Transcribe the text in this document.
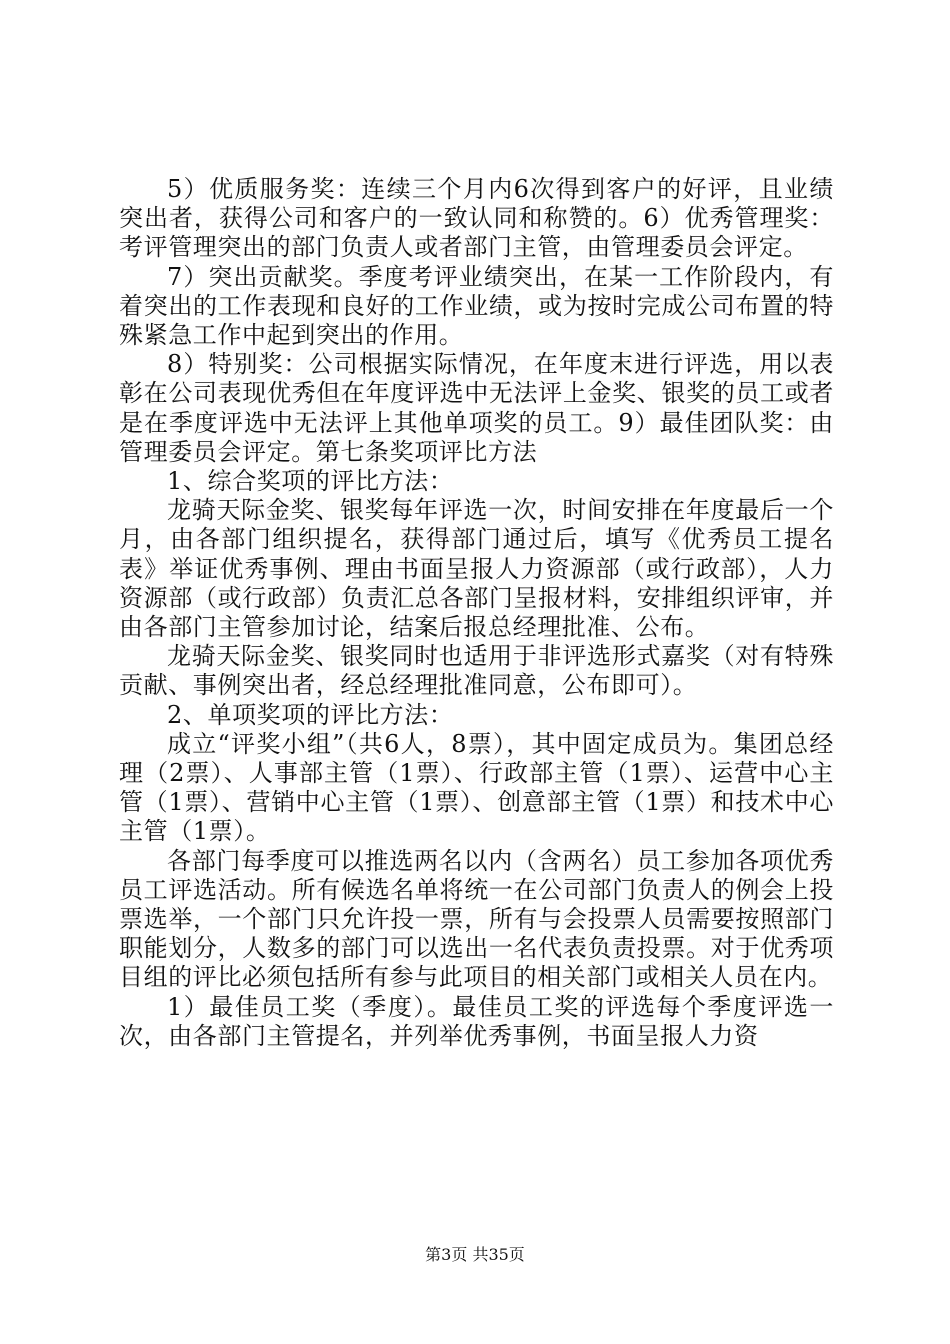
5）优质服务奖：连续三个月内6次得到客户的好评，且业绩突出者，获得公司和客户的一致认同和称赞的。6）优秀管理奖：考评管理突出的部门负责人或者部门主管，由管理委员会评定。

7）突出贡献奖。季度考评业绩突出，在某一工作阶段内，有着突出的工作表现和良好的工作业绩，或为按时完成公司布置的特殊紧急工作中起到突出的作用。

8）特别奖：公司根据实际情况，在年度末进行评选，用以表彰在公司表现优秀但在年度评选中无法评上金奖、银奖的员工或者是在季度评选中无法评上其他单项奖的员工。9）最佳团队奖：由管理委员会评定。第七条奖项评比方法

1、综合奖项的评比方法：

龙骑天际金奖、银奖每年评选一次，时间安排在年度最后一个月，由各部门组织提名，获得部门通过后，填写《优秀员工提名表》举证优秀事例、理由书面呈报人力资源部（或行政部），人力资源部（或行政部）负责汇总各部门呈报材料，安排组织评审，并由各部门主管参加讨论，结案后报总经理批准、公布。

龙骑天际金奖、银奖同时也适用于非评选形式嘉奖（对有特殊贡献、事例突出者，经总经理批准同意，公布即可）。

2、单项奖项的评比方法：

成立“评奖小组”（共6人，8票），其中固定成员为。集团总经理（2票）、人事部主管（1票）、行政部主管（1票）、运营中心主管（1票）、营销中心主管（1票）、创意部主管（1票）和技术中心主管（1票）。

各部门每季度可以推选两名以内（含两名）员工参加各项优秀员工评选活动。所有候选名单将统一在公司部门负责人的例会上投票选举，一个部门只允许投一票，所有与会投票人员需要按照部门职能划分，人数多的部门可以选出一名代表负责投票。对于优秀项目组的评比必须包括所有参与此项目的相关部门或相关人员在内。

1）最佳员工奖（季度）。最佳员工奖的评选每个季度评选一次，由各部门主管提名，并列举优秀事例，书面呈报人力资

第3页 共35页
